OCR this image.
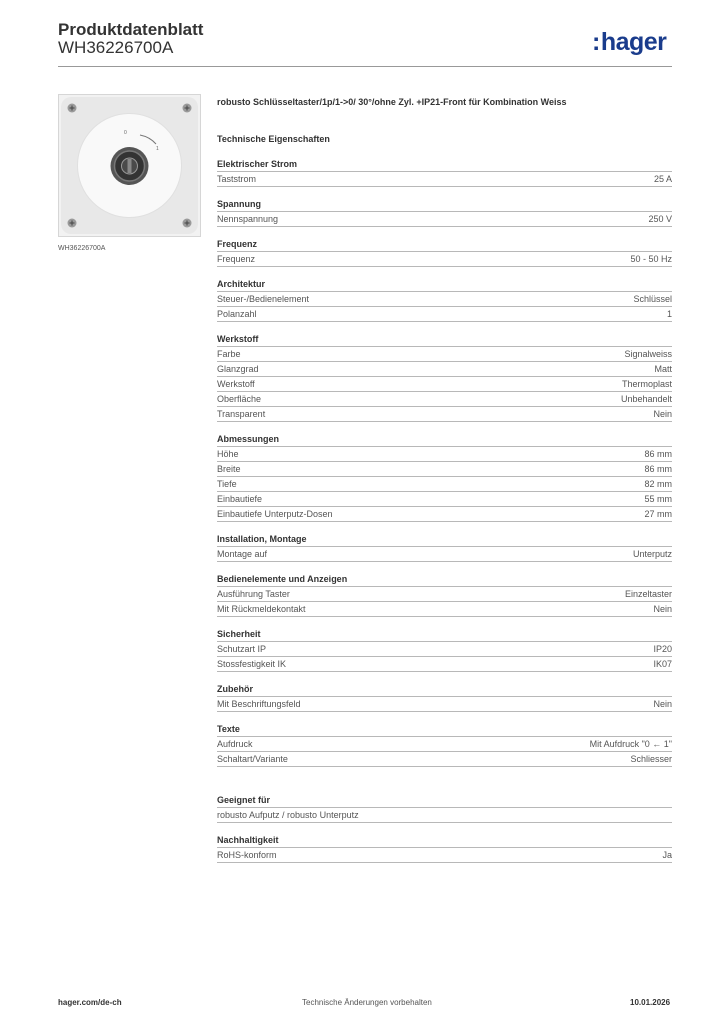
Produktdatenblatt
WH36226700A	:hager
0
1
WH36226700A
robusto Schlüsseltaster/1p/1->0/ 30°/ohne Zyl. +IP21-Front für Kombination Weiss
Technische Eigenschaften
Elektrischer Strom
Taststrom	25 A
Spannung
Nennspannung	250 V
Frequenz
Frequenz	50 - 50 Hz
Architektur
Steuer-/Bedienelement	Schlüssel
Polanzahl	1
Werkstoff
Farbe	Signalweiss
Glanzgrad	Matt
Werkstoff	Thermoplast
Oberfläche	Unbehandelt
Transparent	Nein
Abmessungen
Höhe	86 mm
Breite	86 mm
Tiefe	82 mm
Einbautiefe	55 mm
Einbautiefe Unterputz-Dosen	27 mm
Installation, Montage
Montage auf	Unterputz
Bedienelemente und Anzeigen
Ausführung Taster	Einzeltaster
Mit Rückmeldekontakt	Nein
Sicherheit
Schutzart IP	IP20
Stossfestigkeit IK	IK07
Zubehör
Mit Beschriftungsfeld	Nein
Texte
Aufdruck	Mit Aufdruck "0 ← 1"
Schaltart/Variante	Schliesser
Geeignet für
robusto Aufputz / robusto Unterputz
Nachhaltigkeit
RoHS-konform	Ja
hager.com/de-ch	Technische Änderungen vorbehalten	10.01.2026
